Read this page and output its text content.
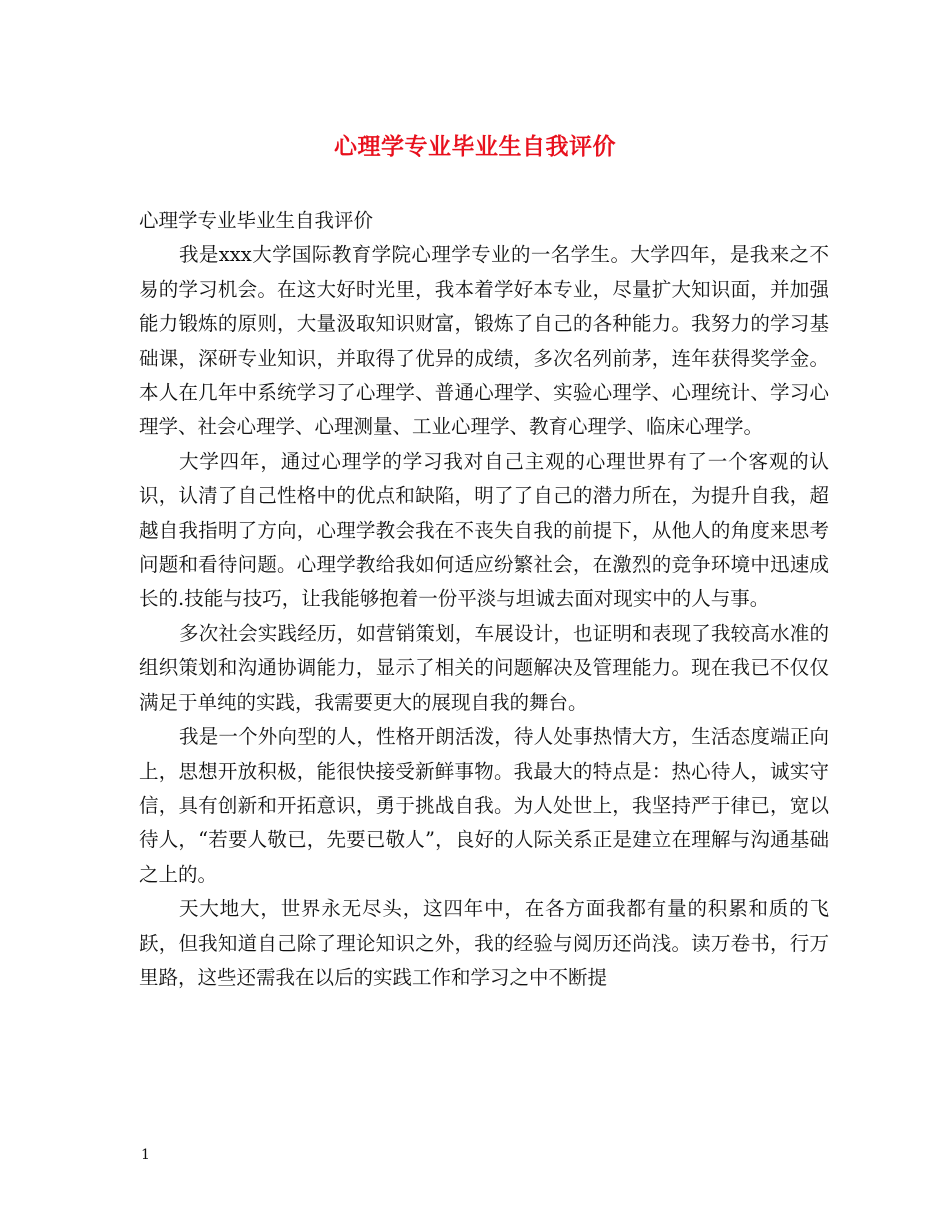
心理学专业毕业生自我评价

心理学专业毕业生自我评价

我是xxx大学国际教育学院心理学专业的一名学生。大学四年，是我来之不易的学习机会。在这大好时光里，我本着学好本专业，尽量扩大知识面，并加强能力锻炼的原则，大量汲取知识财富，锻炼了自己的各种能力。我努力的学习基础课，深研专业知识，并取得了优异的成绩，多次名列前茅，连年获得奖学金。本人在几年中系统学习了心理学、普通心理学、实验心理学、心理统计、学习心理学、社会心理学、心理测量、工业心理学、教育心理学、临床心理学。

大学四年，通过心理学的学习我对自己主观的心理世界有了一个客观的认识，认清了自己性格中的优点和缺陷，明了了自己的潜力所在，为提升自我，超越自我指明了方向，心理学教会我在不丧失自我的前提下，从他人的角度来思考问题和看待问题。心理学教给我如何适应纷繁社会，在激烈的竞争环境中迅速成长的.技能与技巧，让我能够抱着一份平淡与坦诚去面对现实中的人与事。

多次社会实践经历，如营销策划，车展设计，也证明和表现了我较高水准的组织策划和沟通协调能力，显示了相关的问题解决及管理能力。现在我已不仅仅满足于单纯的实践，我需要更大的展现自我的舞台。

我是一个外向型的人，性格开朗活泼，待人处事热情大方，生活态度端正向上，思想开放积极，能很快接受新鲜事物。我最大的特点是：热心待人，诚实守信，具有创新和开拓意识，勇于挑战自我。为人处世上，我坚持严于律已，宽以待人，“若要人敬已，先要已敬人”，良好的人际关系正是建立在理解与沟通基础之上的。

天大地大，世界永无尽头，这四年中，在各方面我都有量的积累和质的飞跃，但我知道自己除了理论知识之外，我的经验与阅历还尚浅。读万卷书，行万里路，这些还需我在以后的实践工作和学习之中不断提

1
